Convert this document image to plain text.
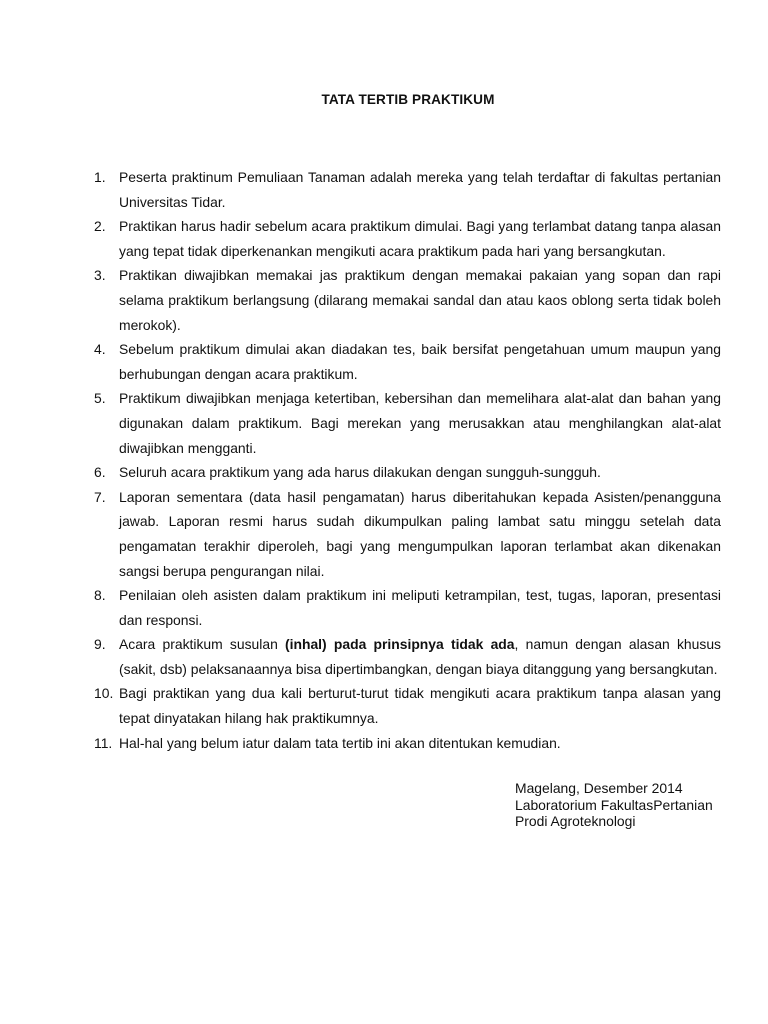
TATA TERTIB PRAKTIKUM
1. Peserta praktinum Pemuliaan Tanaman adalah mereka yang telah terdaftar di fakultas pertanian Universitas Tidar.
2. Praktikan harus hadir sebelum acara praktikum dimulai. Bagi yang terlambat datang tanpa alasan yang tepat tidak diperkenankan mengikuti acara praktikum pada hari yang bersangkutan.
3. Praktikan diwajibkan memakai jas praktikum dengan memakai pakaian yang sopan dan rapi selama praktikum berlangsung (dilarang memakai sandal dan atau kaos oblong serta tidak boleh merokok).
4. Sebelum praktikum dimulai akan diadakan tes, baik bersifat pengetahuan umum maupun yang berhubungan dengan acara praktikum.
5. Praktikum diwajibkan menjaga ketertiban, kebersihan dan memelihara alat-alat dan bahan yang digunakan dalam praktikum. Bagi merekan yang merusakkan atau menghilangkan alat-alat diwajibkan mengganti.
6. Seluruh acara praktikum yang ada harus dilakukan dengan sungguh-sungguh.
7. Laporan sementara (data hasil pengamatan) harus diberitahukan kepada Asisten/penangguna jawab. Laporan resmi harus sudah dikumpulkan paling lambat satu minggu setelah data pengamatan terakhir diperoleh, bagi yang mengumpulkan laporan terlambat akan dikenakan sangsi berupa pengurangan nilai.
8. Penilaian oleh asisten dalam praktikum ini meliputi ketrampilan, test, tugas, laporan, presentasi dan responsi.
9. Acara praktikum susulan (inhal) pada prinsipnya tidak ada, namun dengan alasan khusus (sakit, dsb) pelaksanaannya bisa dipertimbangkan, dengan biaya ditanggung yang bersangkutan.
10. Bagi praktikan yang dua kali berturut-turut tidak mengikuti acara praktikum tanpa alasan yang tepat dinyatakan hilang hak praktikumnya.
11. Hal-hal yang belum iatur dalam tata tertib ini akan ditentukan kemudian.
Magelang, Desember 2014
Laboratorium FakultasPertanian
Prodi Agroteknologi
